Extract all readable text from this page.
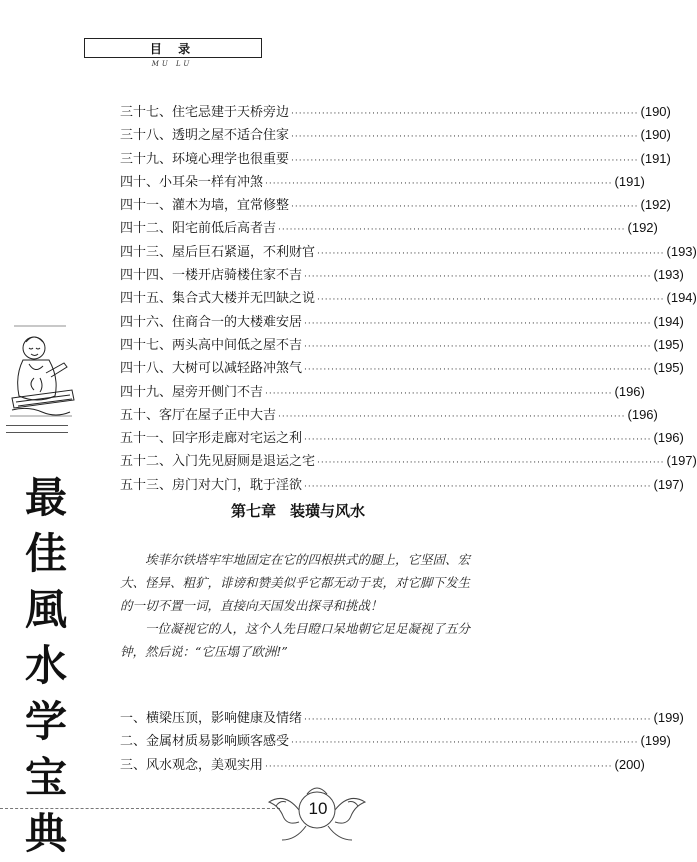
目 录
MU LU
最
佳
風
水
学
宝
典
三十七、 住宅忌建于天桥旁边 ·························································································· (190)
三十八、 透明之屋不适合住家 ·························································································· (190)
三十九、 环境心理学也很重要 ·························································································· (191)
四十、 小耳朵一样有冲煞 ·························································································· (191)
四十一、 灌木为墙，宜常修整 ·························································································· (192)
四十二、 阳宅前低后高者吉 ·························································································· (192)
四十三、 屋后巨石紧逼，不利财官 ·························································································· (193)
四十四、 一楼开店骑楼住家不吉 ·························································································· (193)
四十五、 集合式大楼并无凹缺之说 ·························································································· (194)
四十六、 住商合一的大楼难安居 ·························································································· (194)
四十七、 两头高中间低之屋不吉 ·························································································· (195)
四十八、 大树可以减轻路冲煞气 ·························································································· (195)
四十九、 屋旁开侧门不吉 ·························································································· (196)
五十、 客厅在屋子正中大吉 ·························································································· (196)
五十一、 回字形走廊对宅运之利 ·························································································· (196)
五十二、 入门先见厨厕是退运之宅 ·························································································· (197)
五十三、 房门对大门，耽于淫欲 ·························································································· (197)
第七章 装璜与风水

埃菲尔铁塔牢牢地固定在它的四根拱式的腿上，它坚固、宏大、怪异、粗犷，诽谤和赞美似乎它都无动于衷，对它脚下发生的一切不置一词，直接向天国发出探寻和挑战！

一位凝视它的人，这个人先目瞪口呆地朝它足足凝视了五分钟，然后说：“它压塌了欧洲!”

一、 横梁压顶，影响健康及情绪 ·························································································· (199)
二、 金属材质易影响顾客感受 ·························································································· (199)
三、 风水观念，美观实用 ·························································································· (200)
10
